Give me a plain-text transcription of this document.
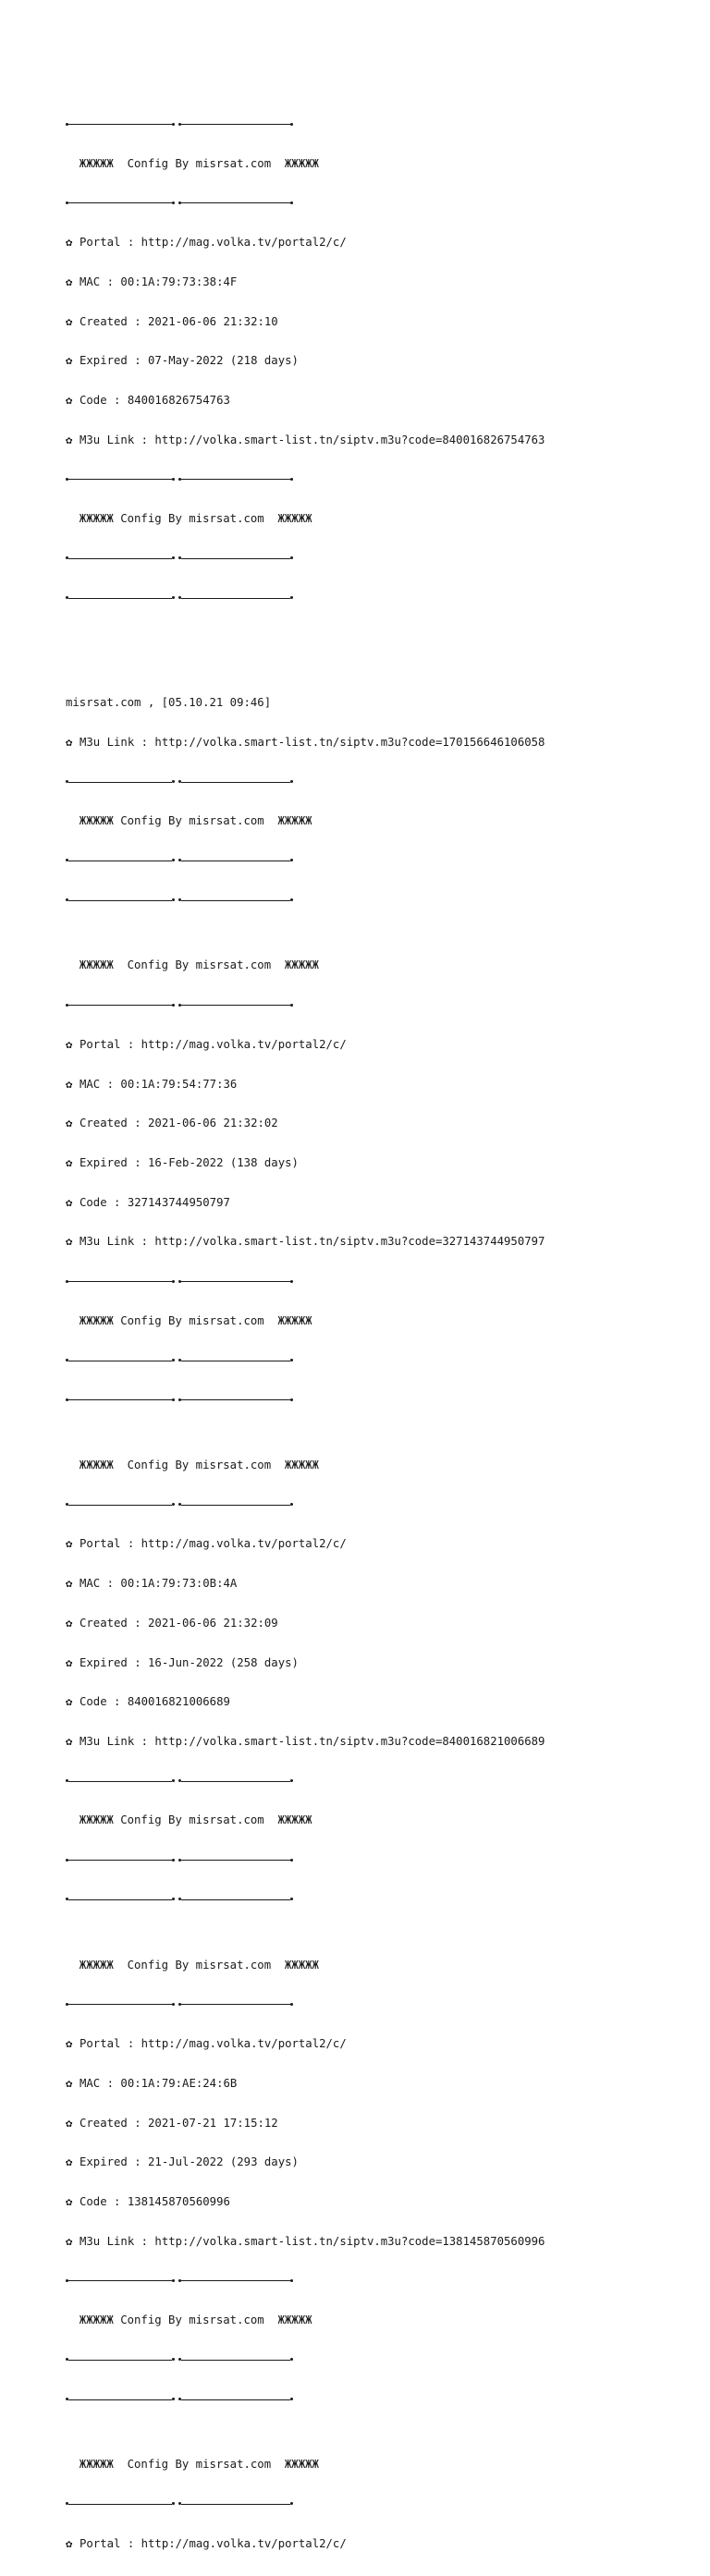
ЖЖЖЖЖ  Config By misrsat.com  ЖЖЖЖЖ

✿ Portal : http://mag.volka.tv/portal2/c/

✿ MAC : 00:1A:79:73:38:4F

✿ Created : 2021-06-06 21:32:10

✿ Expired : 07-May-2022 (218 days)

✿ Code : 840016826754763

✿ M3u Link : http://volka.smart-list.tn/siptv.m3u?code=840016826754763

ЖЖЖЖЖ Config By misrsat.com  ЖЖЖЖЖ

misrsat.com , [05.10.21 09:46]

✿ M3u Link : http://volka.smart-list.tn/siptv.m3u?code=170156646106058

ЖЖЖЖЖ Config By misrsat.com  ЖЖЖЖЖ

ЖЖЖЖЖ  Config By misrsat.com  ЖЖЖЖЖ

✿ Portal : http://mag.volka.tv/portal2/c/

✿ MAC : 00:1A:79:54:77:36

✿ Created : 2021-06-06 21:32:02

✿ Expired : 16-Feb-2022 (138 days)

✿ Code : 327143744950797

✿ M3u Link : http://volka.smart-list.tn/siptv.m3u?code=327143744950797

ЖЖЖЖЖ Config By misrsat.com  ЖЖЖЖЖ

ЖЖЖЖЖ  Config By misrsat.com  ЖЖЖЖЖ

✿ Portal : http://mag.volka.tv/portal2/c/

✿ MAC : 00:1A:79:73:0B:4A

✿ Created : 2021-06-06 21:32:09

✿ Expired : 16-Jun-2022 (258 days)

✿ Code : 840016821006689

✿ M3u Link : http://volka.smart-list.tn/siptv.m3u?code=840016821006689

ЖЖЖЖЖ Config By misrsat.com  ЖЖЖЖЖ

ЖЖЖЖЖ  Config By misrsat.com  ЖЖЖЖЖ

✿ Portal : http://mag.volka.tv/portal2/c/

✿ MAC : 00:1A:79:AE:24:6B

✿ Created : 2021-07-21 17:15:12

✿ Expired : 21-Jul-2022 (293 days)

✿ Code : 138145870560996

✿ M3u Link : http://volka.smart-list.tn/siptv.m3u?code=138145870560996

ЖЖЖЖЖ Config By misrsat.com  ЖЖЖЖЖ

ЖЖЖЖЖ  Config By misrsat.com  ЖЖЖЖЖ

✿ Portal : http://mag.volka.tv/portal2/c/
